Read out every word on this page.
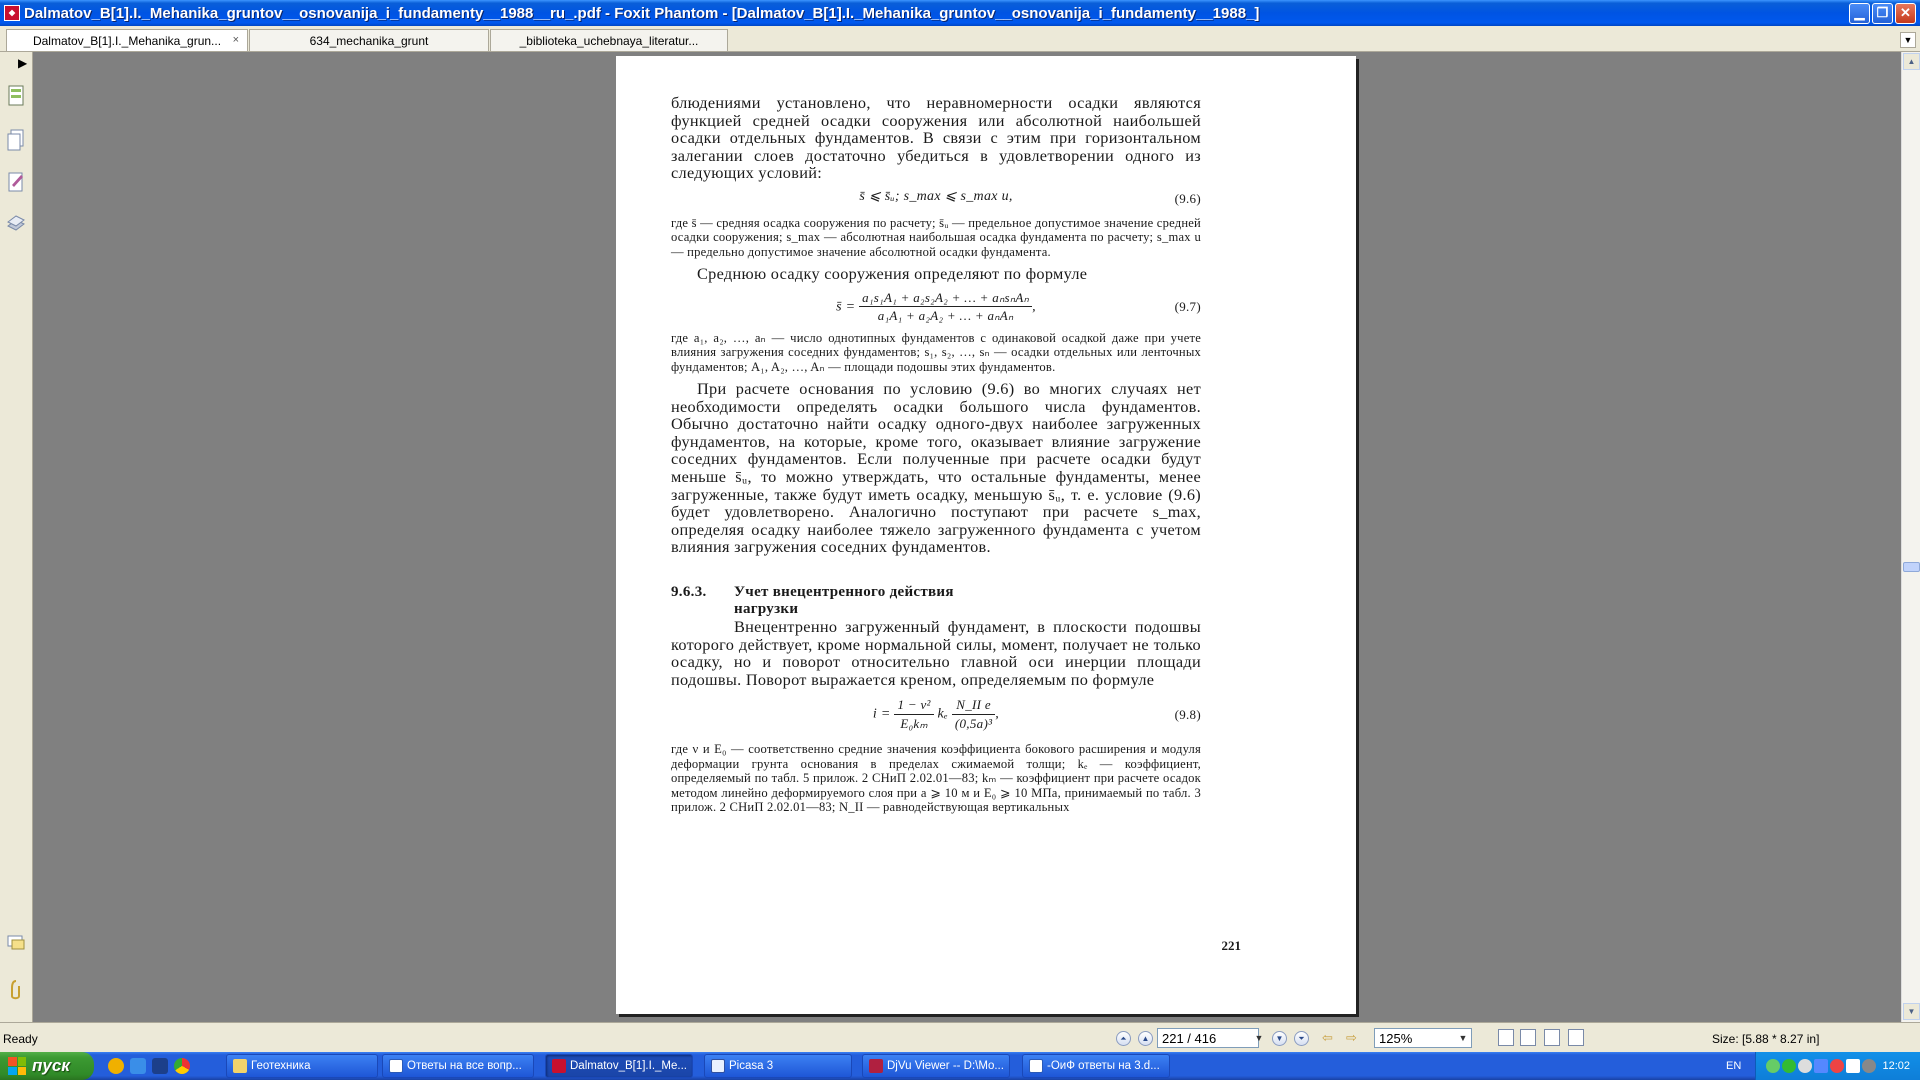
Dalmatov_B[1].I._Mehanika_gruntov__osnovanija_i_fundamenty__1988__ru_.pdf - Foxit Phantom - [Dalmatov_B[1].I._Mehanika_gruntov__osnovanija_i_fundamenty__1988_]	▁ ❐ ✕
Dalmatov_B[1].I._Mehanika_grun... ×	634_mechanika_grunt	_biblioteka_uchebnaya_literatur...	▼
▶

блюдениями установлено, что неравномерности осадки являются функцией средней осадки сооружения или абсолютной наибольшей осадки отдельных фундаментов. В связи с этим при горизонтальном залегании слоев достаточно убедиться в удовлетворении одного из следующих условий:

s̄ ⩽ s̄ᵤ; s_max ⩽ s_max u,	(9.6)

где s̄ — средняя осадка сооружения по расчету; s̄ᵤ — предельное допустимое значение средней осадки сооружения; s_max — абсолютная наибольшая осадка фундамента по расчету; s_max u — предельно допустимое значение абсолютной осадки фундамента.

Среднюю осадку сооружения определяют по формуле

s̄ = $\frac{\text{a₁s₁A₁ + a₂s₂A₂ + … + aₙsₙAₙ}}{\text{a₁A₁ + a₂A₂ + … + aₙAₙ}}$ ,	(9.7)

где a₁, a₂, …, aₙ — число однотипных фундаментов с одинаковой осадкой даже при учете влияния загружения соседних фундаментов; s₁, s₂, …, sₙ — осадки отдельных или ленточных фундаментов; A₁, A₂, …, Aₙ — площади подошвы этих фундаментов.

При расчете основания по условию (9.6) во многих случаях нет необходимости определять осадки большого числа фундаментов. Обычно достаточно найти осадку одного-двух наиболее загруженных фундаментов, на которые, кроме того, оказывает влияние загружение соседних фундаментов. Если полученные при расчете осадки будут меньше s̄ᵤ, то можно утверждать, что остальные фундаменты, менее загруженные, также будут иметь осадку, меньшую s̄ᵤ, т. е. условие (9.6) будет удовлетворено. Аналогично поступают при расчете s_max, определяя осадку наиболее тяжело загруженного фундамента с учетом влияния загружения соседних фундаментов.

9.6.3. Учет внецентренного действия
нагрузки

Внецентренно загруженный фундамент, в плоскости подошвы которого действует, кроме нормальной силы, момент, получает не только осадку, но и поворот относительно главной оси инерции площади подошвы. Поворот выражается креном, определяемым по формуле

$i = \frac{\text{1 − ν²}}{\text{E₀kₘ}}$ kₑ $\frac{\text{N\_II e}}{\text{(0,5a)³}}$ ,	(9.8)

где ν и E₀ — соответственно средние значения коэффициента бокового расширения и модуля деформации грунта основания в пределах сжимаемой толщи; kₑ — коэффициент, определяемый по табл. 5 прилож. 2 СНиП 2.02.01—83; kₘ — коэффициент при расчете осадок методом линейно деформируемого слоя при a ⩾ 10 м и E₀ ⩾ 10 МПа, принимаемый по табл. 3 прилож. 2 СНиП 2.02.01—83; N_II — равнодействующая вертикальных

221
▲
▼
Ready	⏶ ▲ 221 / 416	▼ ▼ ⏷ ⇦ ⇨	125%	▼	Size: [5.88 * 8.27 in]
пуск	Геотехника	Ответы на все вопр...	Dalmatov_B[1].I._Me...	Picasa 3	DjVu Viewer -- D:\Mo...	-ОиФ ответы на 3.d...	EN	12:02
